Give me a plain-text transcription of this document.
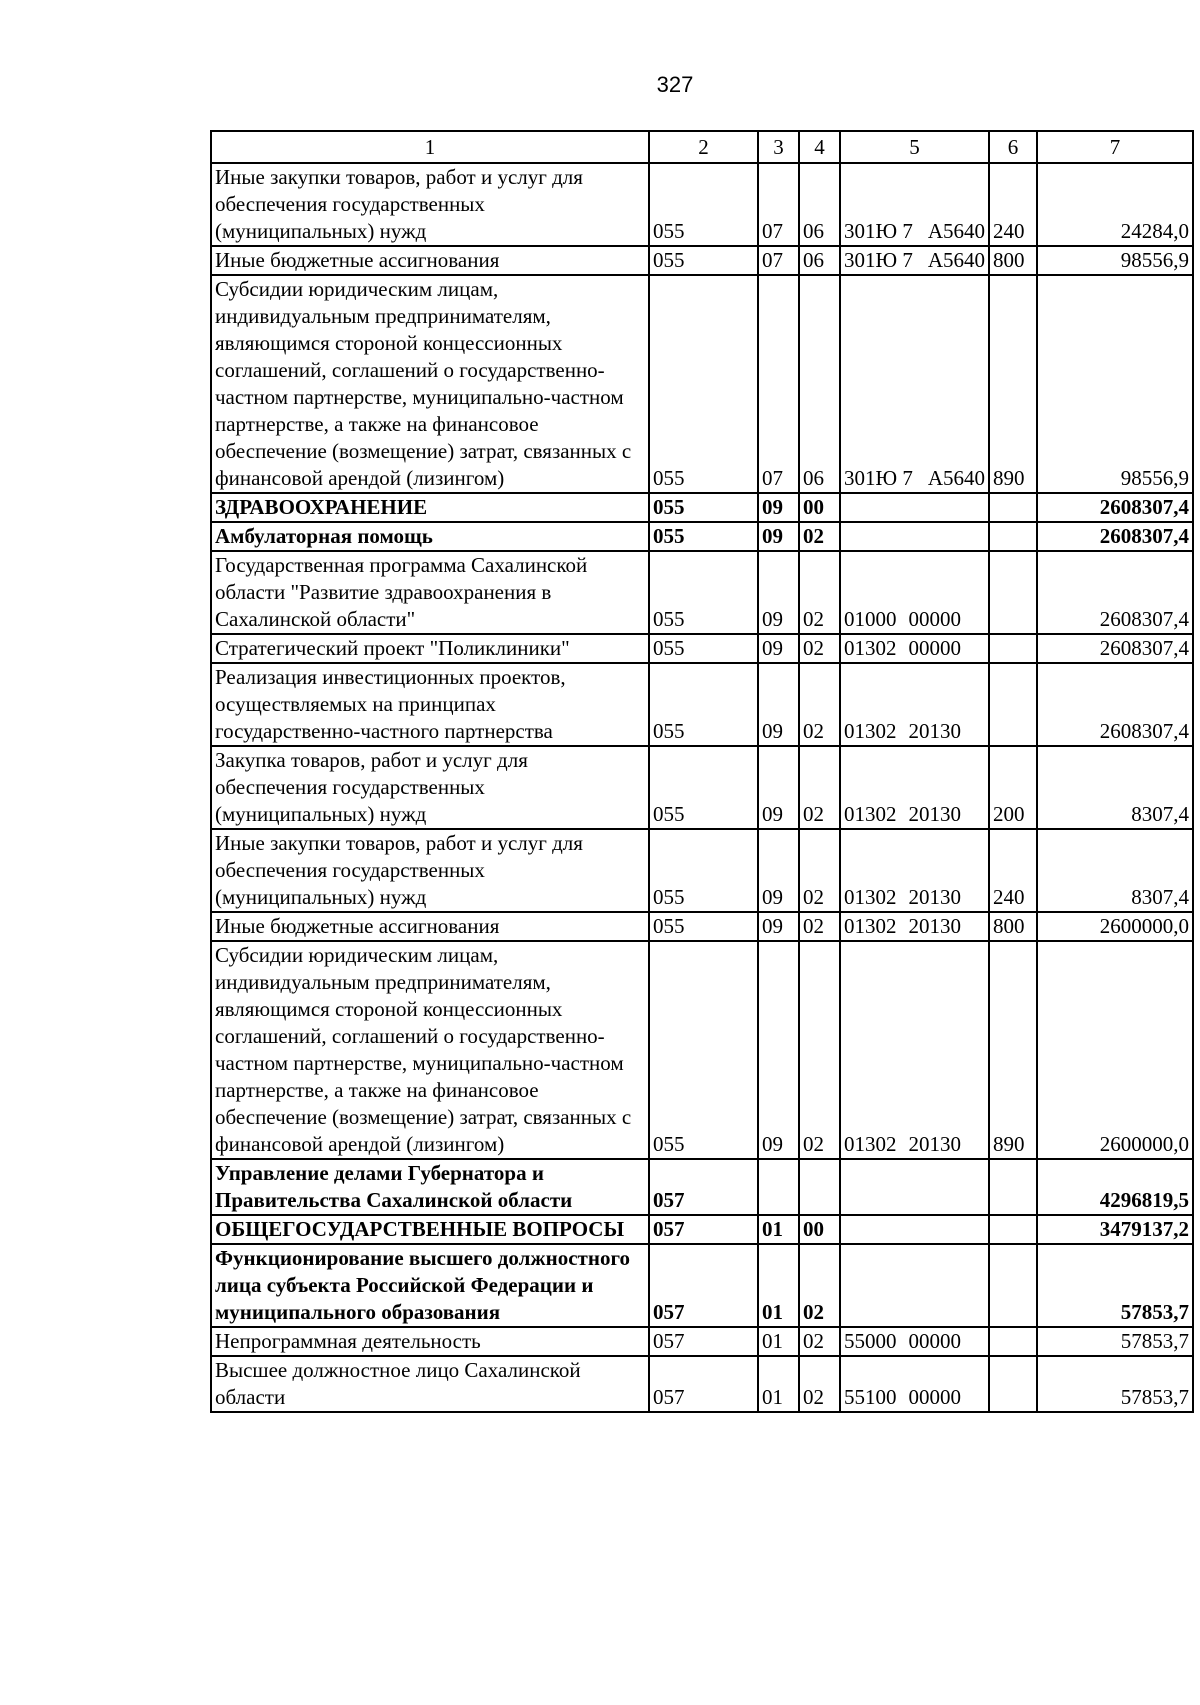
327
1	2	3	4	5	6	7
Иные закупки товаров, работ и услуг для обеспечения государственных (муниципальных) нужд	055	07	06	301Ю 7 A5640	240	24284,0
Иные бюджетные ассигнования	055	07	06	301Ю 7 A5640	800	98556,9
Субсидии юридическим лицам, индивидуальным предпринимателям, являющимся стороной концессионных соглашений, соглашений о государственно-частном партнерстве, муниципально-частном партнерстве, а также на финансовое обеспечение (возмещение) затрат, связанных с финансовой арендой (лизингом)	055	07	06	301Ю 7 A5640	890	98556,9
ЗДРАВООХРАНЕНИЕ	055	09	00			2608307,4
Амбулаторная помощь	055	09	02			2608307,4
Государственная программа Сахалинской области "Развитие здравоохранения в Сахалинской области"	055	09	02	01000 00000		2608307,4
Стратегический проект "Поликлиники"	055	09	02	01302 00000		2608307,4
Реализация инвестиционных проектов, осуществляемых на принципах государственно-частного партнерства	055	09	02	01302 20130		2608307,4
Закупка товаров, работ и услуг для обеспечения государственных (муниципальных) нужд	055	09	02	01302 20130	200	8307,4
Иные закупки товаров, работ и услуг для обеспечения государственных (муниципальных) нужд	055	09	02	01302 20130	240	8307,4
Иные бюджетные ассигнования	055	09	02	01302 20130	800	2600000,0
Субсидии юридическим лицам, индивидуальным предпринимателям, являющимся стороной концессионных соглашений, соглашений о государственно-частном партнерстве, муниципально-частном партнерстве, а также на финансовое обеспечение (возмещение) затрат, связанных с финансовой арендой (лизингом)	055	09	02	01302 20130	890	2600000,0
Управление делами Губернатора и Правительства Сахалинской области	057					4296819,5
ОБЩЕГОСУДАРСТВЕННЫЕ ВОПРОСЫ	057	01	00			3479137,2
Функционирование высшего должностного лица субъекта Российской Федерации и муниципального образования	057	01	02			57853,7
Непрограммная деятельность	057	01	02	55000 00000		57853,7
Высшее должностное лицо Сахалинской области	057	01	02	55100 00000		57853,7
